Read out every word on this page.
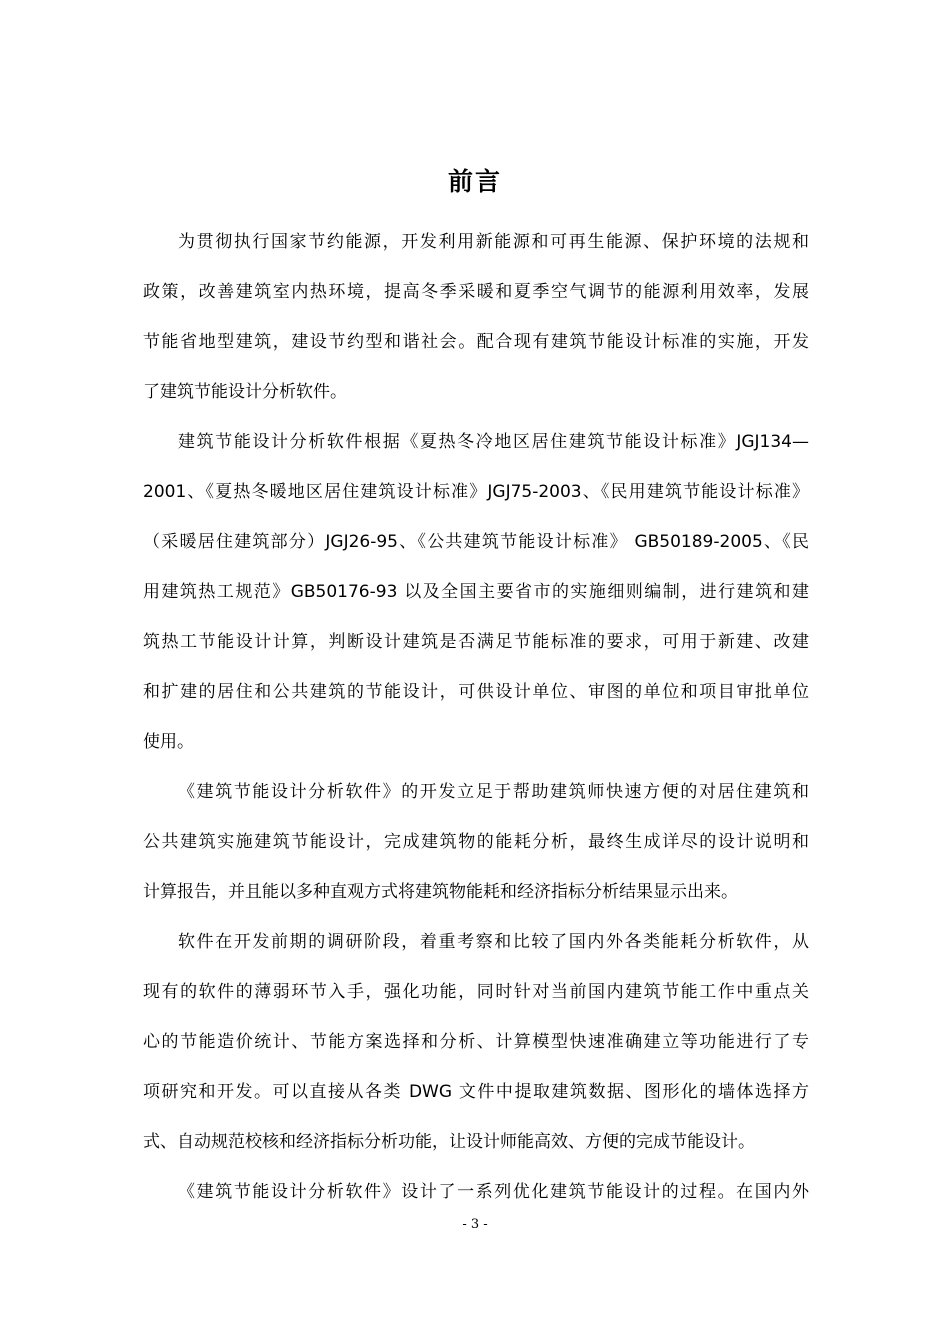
前言
为贯彻执行国家节约能源，开发利用新能源和可再生能源、保护环境的法规和
政策，改善建筑室内热环境，提高冬季采暖和夏季空气调节的能源利用效率，发展
节能省地型建筑，建设节约型和谐社会。配合现有建筑节能设计标准的实施，开发
了建筑节能设计分析软件。
建筑节能设计分析软件根据《夏热冬冷地区居住建筑节能设计标准》JGJ134—
2001、《夏热冬暖地区居住建筑设计标准》JGJ75-2003、《民用建筑节能设计标准》
（采暖居住建筑部分）JGJ26-95、《公共建筑节能设计标准》 GB50189-2005、《民
用建筑热工规范》GB50176-93 以及全国主要省市的实施细则编制，进行建筑和建
筑热工节能设计计算，判断设计建筑是否满足节能标准的要求，可用于新建、改建
和扩建的居住和公共建筑的节能设计，可供设计单位、审图的单位和项目审批单位
使用。
《建筑节能设计分析软件》的开发立足于帮助建筑师快速方便的对居住建筑和
公共建筑实施建筑节能设计，完成建筑物的能耗分析，最终生成详尽的设计说明和
计算报告，并且能以多种直观方式将建筑物能耗和经济指标分析结果显示出来。
软件在开发前期的调研阶段，着重考察和比较了国内外各类能耗分析软件，从
现有的软件的薄弱环节入手，强化功能，同时针对当前国内建筑节能工作中重点关
心的节能造价统计、节能方案选择和分析、计算模型快速准确建立等功能进行了专
项研究和开发。可以直接从各类 DWG 文件中提取建筑数据、图形化的墙体选择方
式、自动规范校核和经济指标分析功能，让设计师能高效、方便的完成节能设计。
《建筑节能设计分析软件》设计了一系列优化建筑节能设计的过程。在国内外
- 3 -
